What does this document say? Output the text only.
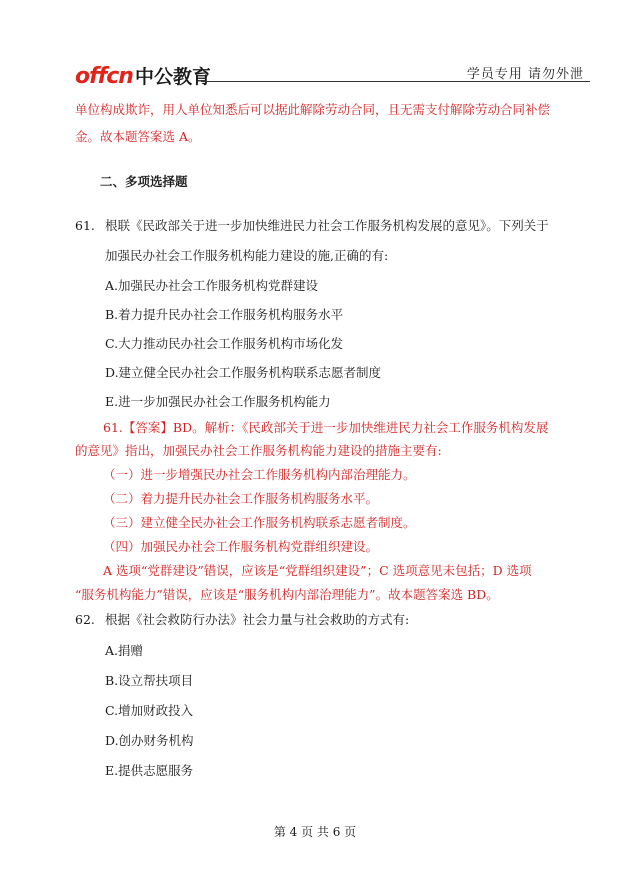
offcn 中公教育	学员专用 请勿外泄
单位构成欺诈，用人单位知悉后可以据此解除劳动合同，且无需支付解除劳动合同补偿
金。故本题答案选 A。
二、多项选择题
61. 根联《民政部关于进一步加快维进民力社会工作服务机构发展的意见》。下列关于
加强民办社会工作服务机构能力建设的施,正确的有:
A.加强民办社会工作服务机构党群建设
B.着力提升民办社会工作服务机构服务水平
C.大力推动民办社会工作服务机构市场化发
D.建立健全民办社会工作服务机构联系志愿者制度
E.进一步加强民办社会工作服务机构能力
61.【答案】BD。解析：《民政部关于进一步加快维进民力社会工作服务机构发展
的意见》指出，加强民办社会工作服务机构能力建设的措施主要有:
（一）进一步增强民办社会工作服务机构内部治理能力。
（二）着力提升民办社会工作服务机构服务水平。
（三）建立健全民办社会工作服务机构联系志愿者制度。
（四）加强民办社会工作服务机构党群组织建设。
A 选项“党群建设”错误，应该是“党群组织建设”；C 选项意见未包括；D 选项
“服务机构能力”错误，应该是“服务机构内部治理能力”。故本题答案选 BD。
62. 根据《社会救防行办法》社会力量与社会救助的方式有:
A.捐赠
B.设立帮扶项目
C.增加财政投入
D.创办财务机构
E.提供志愿服务
第 4 页 共 6 页
